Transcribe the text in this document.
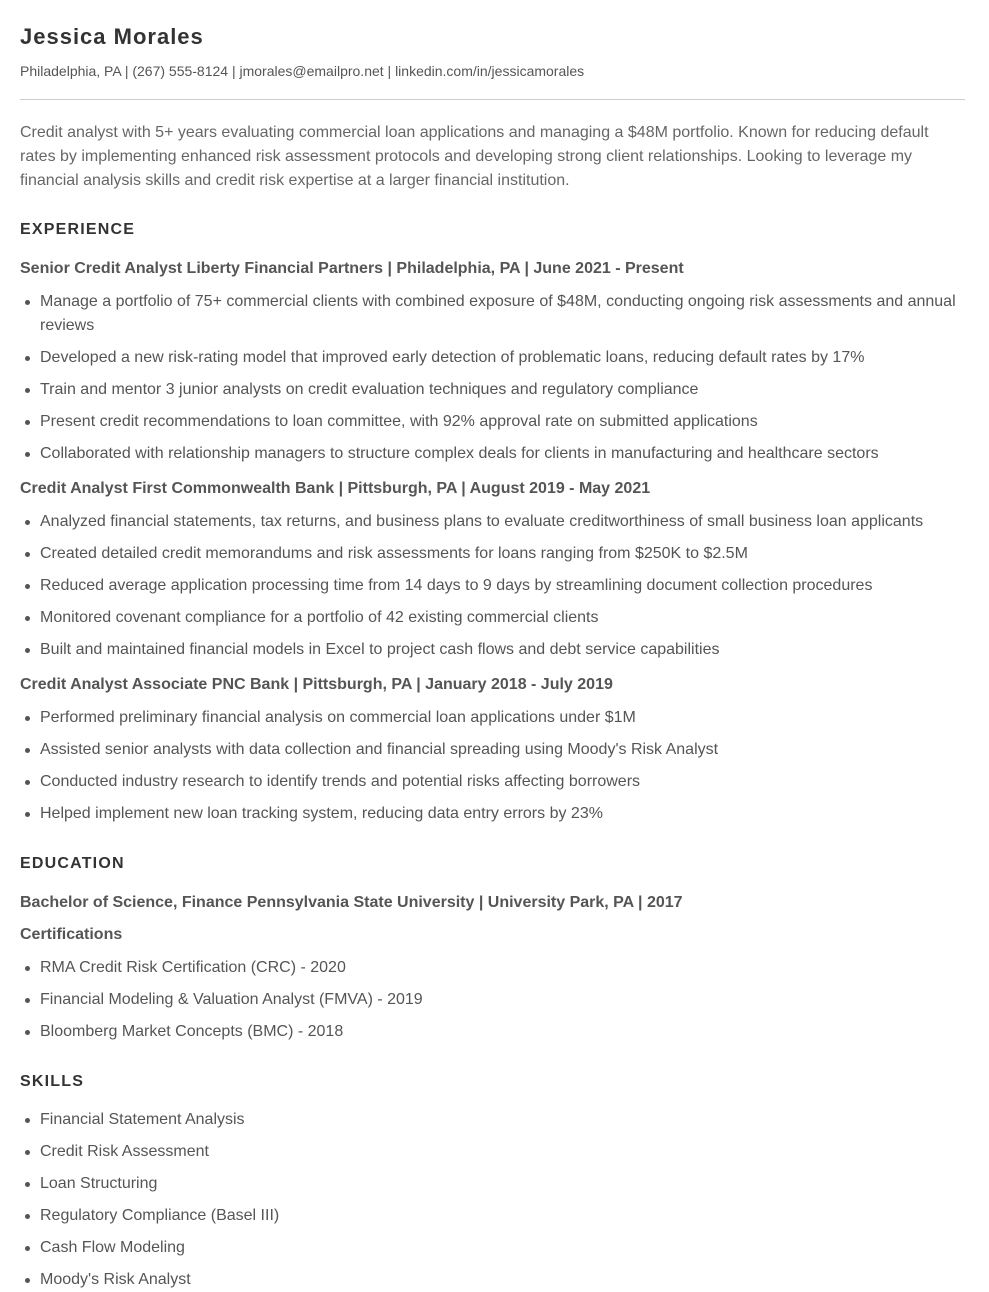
Jessica Morales
Philadelphia, PA | (267) 555-8124 | jmorales@emailpro.net | linkedin.com/in/jessicamorales

Credit analyst with 5+ years evaluating commercial loan applications and managing a $48M portfolio. Known for reducing default rates by implementing enhanced risk assessment protocols and developing strong client relationships. Looking to leverage my financial analysis skills and credit risk expertise at a larger financial institution.

EXPERIENCE
Senior Credit Analyst Liberty Financial Partners | Philadelphia, PA | June 2021 - Present
Manage a portfolio of 75+ commercial clients with combined exposure of $48M, conducting ongoing risk assessments and annual reviews
Developed a new risk-rating model that improved early detection of problematic loans, reducing default rates by 17%
Train and mentor 3 junior analysts on credit evaluation techniques and regulatory compliance
Present credit recommendations to loan committee, with 92% approval rate on submitted applications
Collaborated with relationship managers to structure complex deals for clients in manufacturing and healthcare sectors
Credit Analyst First Commonwealth Bank | Pittsburgh, PA | August 2019 - May 2021
Analyzed financial statements, tax returns, and business plans to evaluate creditworthiness of small business loan applicants
Created detailed credit memorandums and risk assessments for loans ranging from $250K to $2.5M
Reduced average application processing time from 14 days to 9 days by streamlining document collection procedures
Monitored covenant compliance for a portfolio of 42 existing commercial clients
Built and maintained financial models in Excel to project cash flows and debt service capabilities
Credit Analyst Associate PNC Bank | Pittsburgh, PA | January 2018 - July 2019
Performed preliminary financial analysis on commercial loan applications under $1M
Assisted senior analysts with data collection and financial spreading using Moody's Risk Analyst
Conducted industry research to identify trends and potential risks affecting borrowers
Helped implement new loan tracking system, reducing data entry errors by 23%
EDUCATION
Bachelor of Science, Finance Pennsylvania State University | University Park, PA | 2017
Certifications
RMA Credit Risk Certification (CRC) - 2020
Financial Modeling & Valuation Analyst (FMVA) - 2019
Bloomberg Market Concepts (BMC) - 2018
SKILLS
Financial Statement Analysis
Credit Risk Assessment
Loan Structuring
Regulatory Compliance (Basel III)
Cash Flow Modeling
Moody's Risk Analyst
